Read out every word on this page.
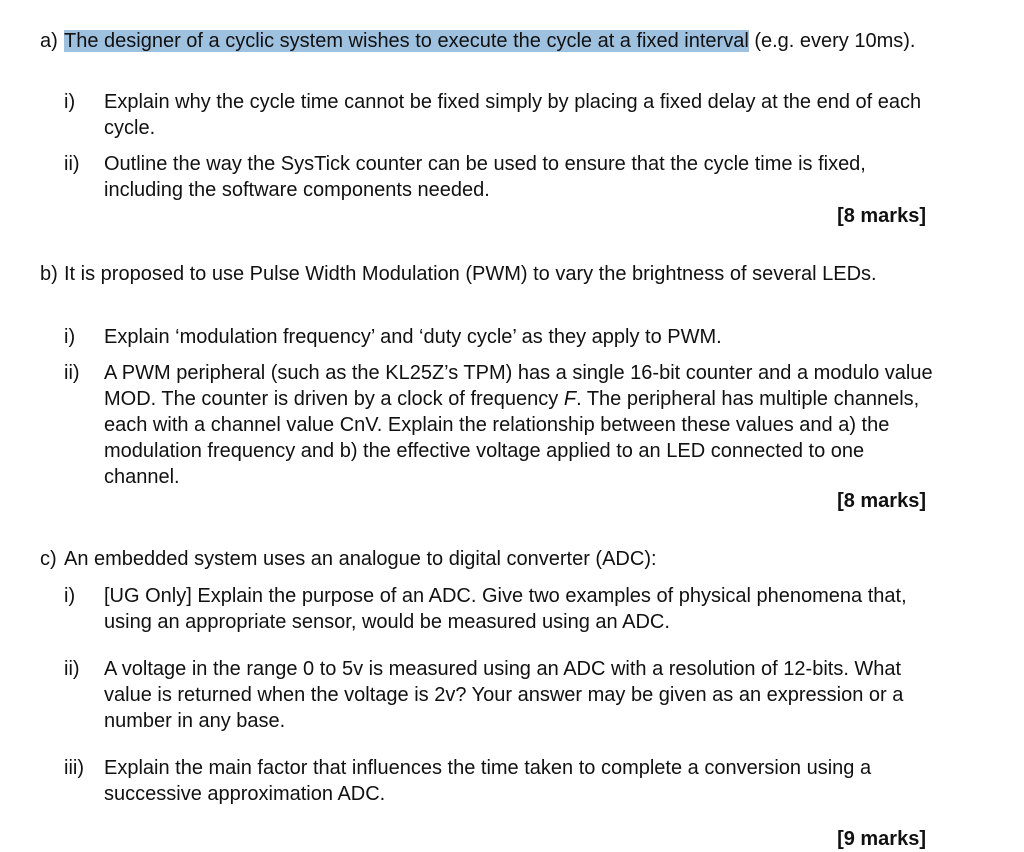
a) The designer of a cyclic system wishes to execute the cycle at a fixed interval (e.g. every 10ms).
i) Explain why the cycle time cannot be fixed simply by placing a fixed delay at the end of each cycle.
ii) Outline the way the SysTick counter can be used to ensure that the cycle time is fixed, including the software components needed.
[8 marks]
b) It is proposed to use Pulse Width Modulation (PWM) to vary the brightness of several LEDs.
i) Explain ‘modulation frequency’ and ‘duty cycle’ as they apply to PWM.
ii) A PWM peripheral (such as the KL25Z’s TPM) has a single 16-bit counter and a modulo value MOD. The counter is driven by a clock of frequency F. The peripheral has multiple channels, each with a channel value CnV. Explain the relationship between these values and a) the modulation frequency and b) the effective voltage applied to an LED connected to one channel.
[8 marks]
c) An embedded system uses an analogue to digital converter (ADC):
i) [UG Only] Explain the purpose of an ADC. Give two examples of physical phenomena that, using an appropriate sensor, would be measured using an ADC.
ii) A voltage in the range 0 to 5v is measured using an ADC with a resolution of 12-bits. What value is returned when the voltage is 2v? Your answer may be given as an expression or a number in any base.
iii) Explain the main factor that influences the time taken to complete a conversion using a successive approximation ADC.
[9 marks]
